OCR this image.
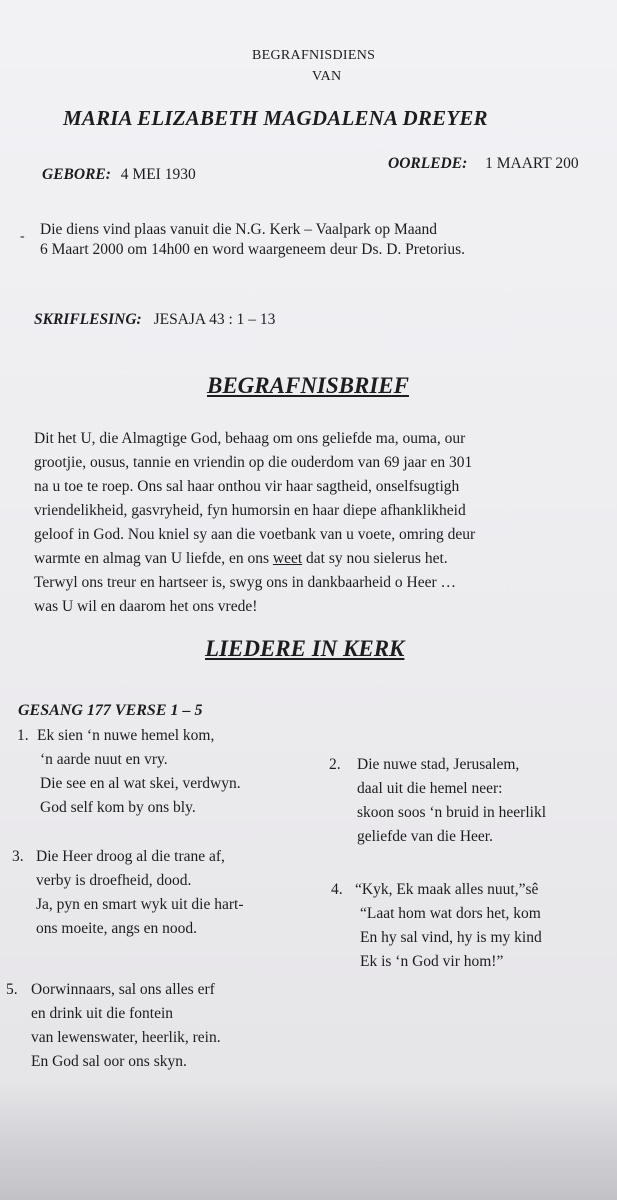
BEGRAFNISDIENS
VAN
MARIA ELIZABETH MAGDALENA DREYER
GEBORE: 4 MEI 1930
OORLEDE: 1 MAART 200
- Die diens vind plaas vanuit die N.G. Kerk – Vaalpark op Maand
6 Maart 2000 om 14h00 en word waargeneem deur Ds. D. Pretorius.
SKRIFLESING: JESAJA 43 : 1 – 13
BEGRAFNISBRIEF
Dit het U, die Almagtige God, behaag om ons geliefde ma, ouma, our
grootjie, ousus, tannie en vriendin op die ouderdom van 69 jaar en 301
na u toe te roep. Ons sal haar onthou vir haar sagtheid, onselfsugtigh
vriendelikheid, gasvryheid, fyn humorsin en haar diepe afhanklikheid
geloof in God. Nou kniel sy aan die voetbank van u voete, omring deur
warmte en almag van U liefde, en ons weet dat sy nou sielerus het.
Terwyl ons treur en hartseer is, swyg ons in dankbaarheid o Heer …
was U wil en daarom het ons vrede!
LIEDERE IN KERK
GESANG 177 VERSE 1 – 5
1. Ek sien ‘n nuwe hemel kom,
‘n aarde nuut en vry.
Die see en al wat skei, verdwyn.
God self kom by ons bly.
2. Die nuwe stad, Jerusalem,
daal uit die hemel neer:
skoon soos ‘n bruid in heerlikl
geliefde van die Heer.
3. Die Heer droog al die trane af,
verby is droefheid, dood.
Ja, pyn en smart wyk uit die hart-
ons moeite, angs en nood.
4. “Kyk, Ek maak alles nuut,”sê
“Laat hom wat dors het, kom
En hy sal vind, hy is my kind
Ek is ‘n God vir hom!”
5. Oorwinnaars, sal ons alles erf
en drink uit die fontein
van lewenswater, heerlik, rein.
En God sal oor ons skyn.
